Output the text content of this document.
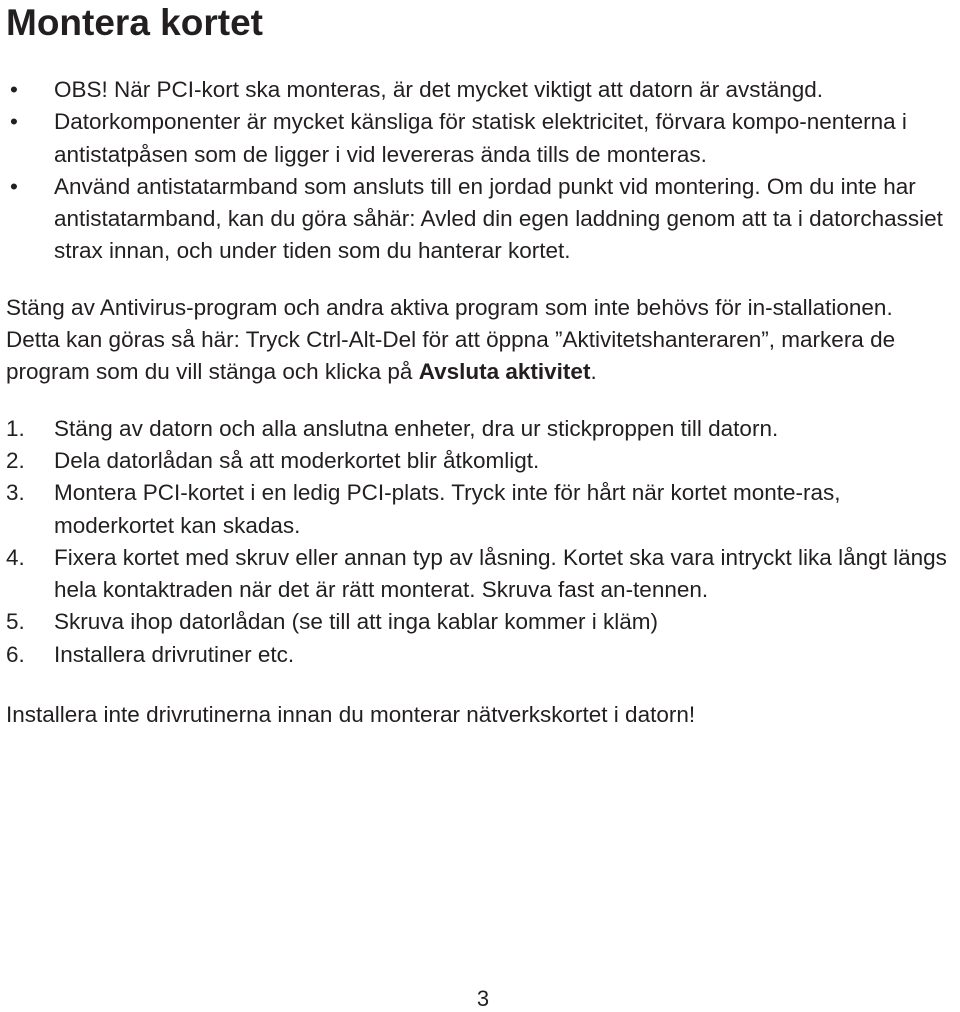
Montera kortet
• OBS! När PCI-kort ska monteras, är det mycket viktigt att datorn är avstängd.
• Datorkomponenter är mycket känsliga för statisk elektricitet, förvara kompo-nenterna i antistatpåsen som de ligger i vid levereras ända tills de monteras.
• Använd antistatarmband som ansluts till en jordad punkt vid montering. Om du inte har antistatarmband, kan du göra såhär: Avled din egen laddning genom att ta i datorchassiet strax innan, och under tiden som du hanterar kortet.

Stäng av Antivirus-program och andra aktiva program som inte behövs för in-stallationen.

Detta kan göras så här: Tryck Ctrl-Alt-Del för att öppna ”Aktivitetshanteraren”, markera de program som du vill stänga och klicka på Avsluta aktivitet.

1. Stäng av datorn och alla anslutna enheter, dra ur stickproppen till datorn.
2. Dela datorlådan så att moderkortet blir åtkomligt.
3. Montera PCI-kortet i en ledig PCI-plats. Tryck inte för hårt när kortet monte-ras, moderkortet kan skadas.
4. Fixera kortet med skruv eller annan typ av låsning. Kortet ska vara intryckt lika långt längs hela kontaktraden när det är rätt monterat. Skruva fast an-tennen.
5. Skruva ihop datorlådan (se till att inga kablar kommer i kläm)
6. Installera drivrutiner etc.

Installera inte drivrutinerna innan du monterar nätverkskortet i datorn!

3
